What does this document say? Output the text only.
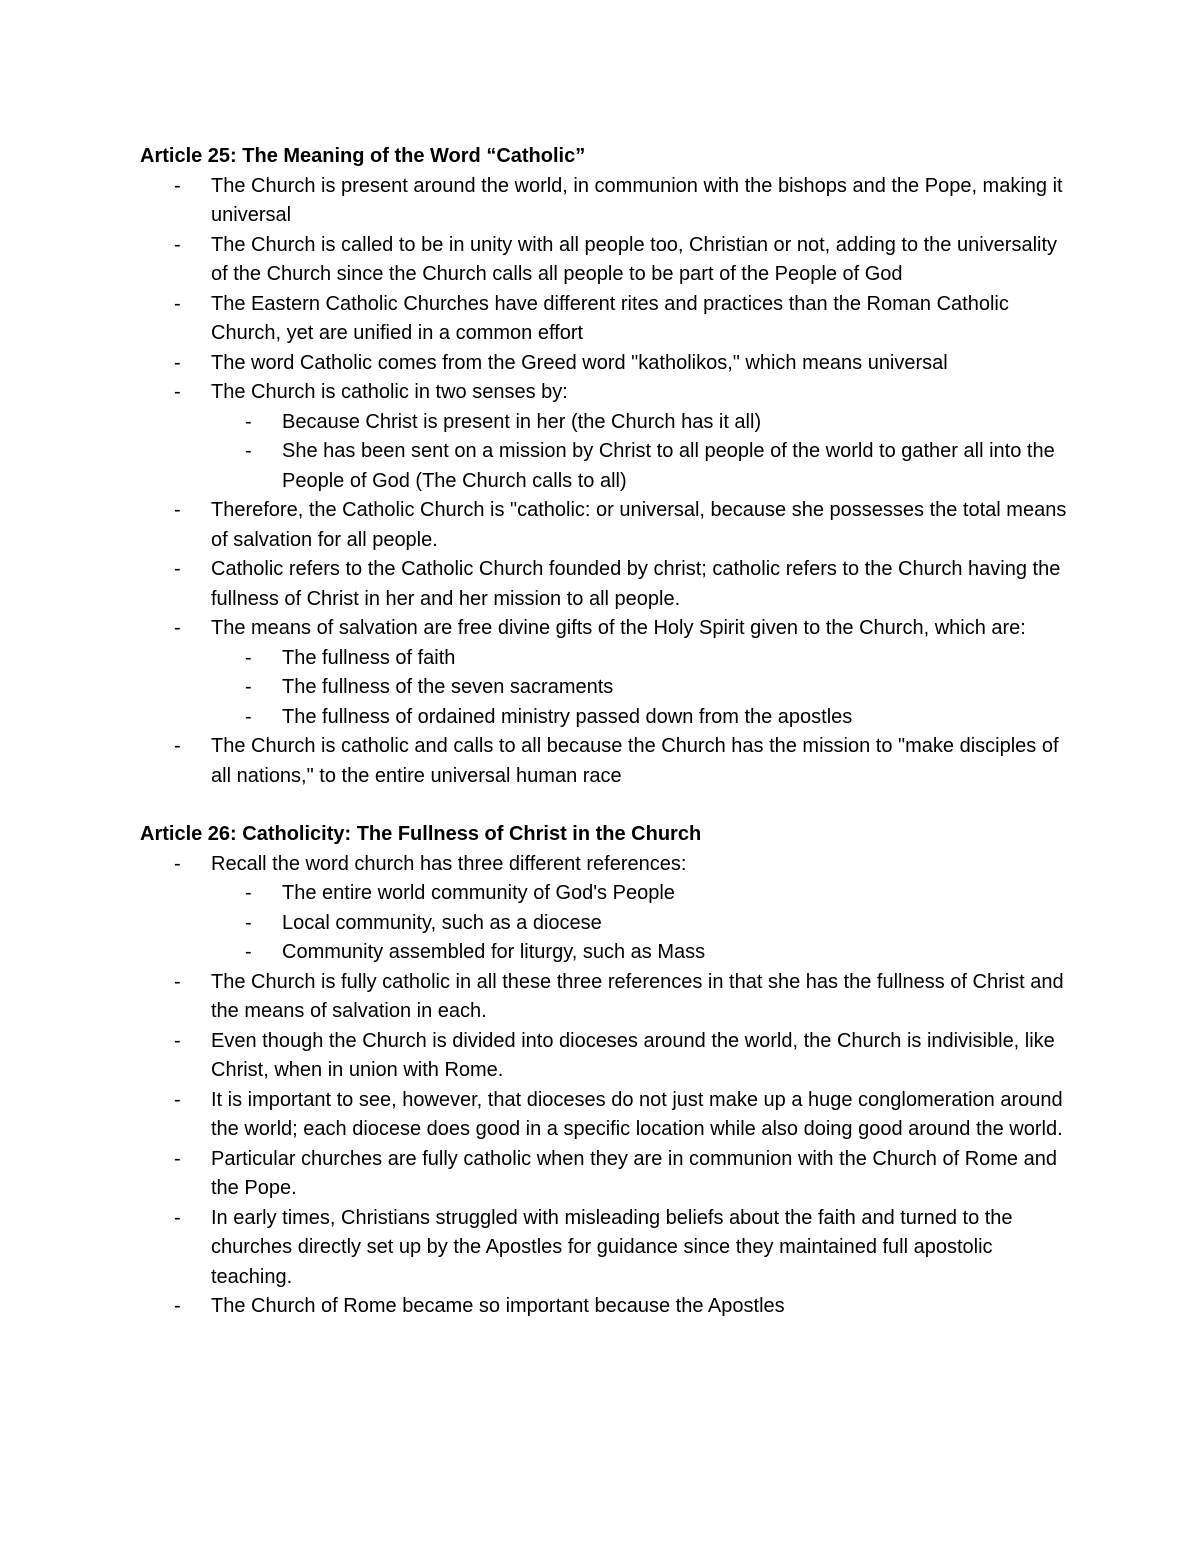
Article 25: The Meaning of the Word “Catholic”
-	The Church is present around the world, in communion with the bishops and the Pope, making it universal
-	The Church is called to be in unity with all people too, Christian or not, adding to the universality of the Church since the Church calls all people to be part of the People of God
-	The Eastern Catholic Churches have different rites and practices than the Roman Catholic Church, yet are unified in a common effort
-	The word Catholic comes from the Greed word "katholikos," which means universal
-	The Church is catholic in two senses by:
-	Because Christ is present in her (the Church has it all)
-	She has been sent on a mission by Christ to all people of the world to gather all into the People of God (The Church calls to all)
-	Therefore, the Catholic Church is "catholic: or universal, because she possesses the total means of salvation for all people.
-	Catholic refers to the Catholic Church founded by christ; catholic refers to the Church having the fullness of Christ in her and her mission to all people.
-	The means of salvation are free divine gifts of the Holy Spirit given to the Church, which are:
-	The fullness of faith
-	The fullness of the seven sacraments
-	The fullness of ordained ministry passed down from the apostles
-	The Church is catholic and calls to all because the Church has the mission to "make disciples of all nations," to the entire universal human race
Article 26: Catholicity: The Fullness of Christ in the Church
-	Recall the word church has three different references:
-	The entire world community of God's People
-	Local community, such as a diocese
-	Community assembled for liturgy, such as Mass
-	The Church is fully catholic in all these three references in that she has the fullness of Christ and the means of salvation in each.
-	Even though the Church is divided into dioceses around the world, the Church is indivisible, like Christ, when in union with Rome.
-	It is important to see, however, that dioceses do not just make up a huge conglomeration around the world; each diocese does good in a specific location while also doing good around the world.
-	Particular churches are fully catholic when they are in communion with the Church of Rome and the Pope.
-	In early times, Christians struggled with misleading beliefs about the faith and turned to the churches directly set up by the Apostles for guidance since they maintained full apostolic teaching.
-	The Church of Rome became so important because the Apostles
